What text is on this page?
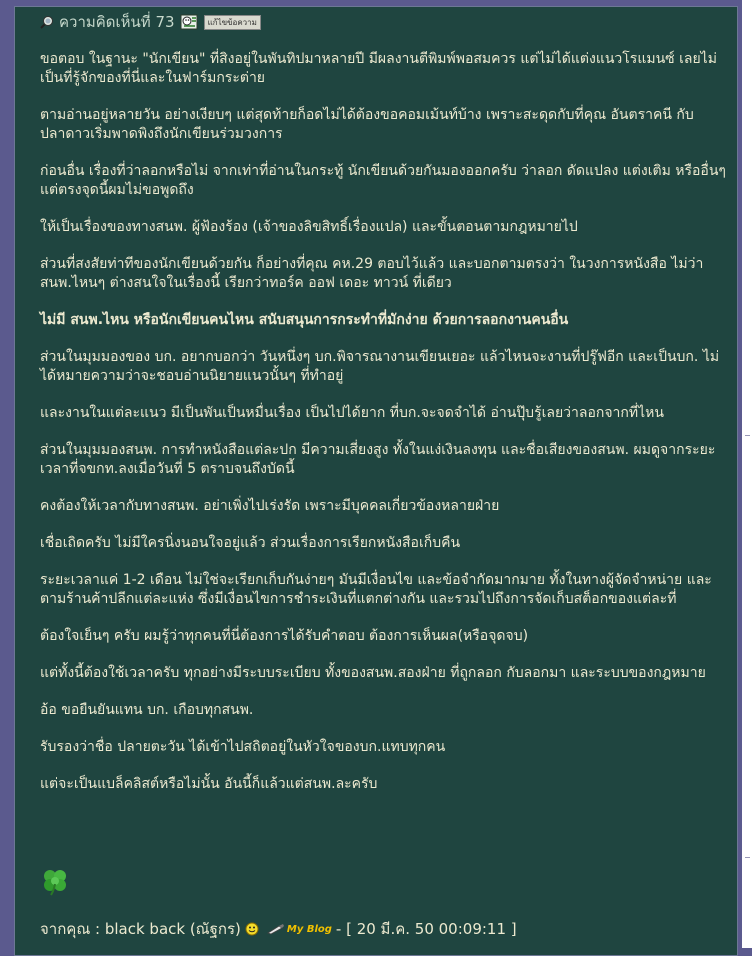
ความคิดเห็นที่ 73	แก้ไขข้อความ

ขอตอบ ในฐานะ "นักเขียน" ที่สิงอยู่ในพันทิปมาหลายปี มีผลงานตีพิมพ์พอสมควร แต่ไม่ได้แต่งแนวโรแมนซ์ เลยไม่เป็นที่รู้จักของที่นี่และในฟาร์มกระต่าย

ตามอ่านอยู่หลายวัน อย่างเงียบๆ แต่สุดท้ายก็อดไม่ได้ต้องขอคอมเม้นท์บ้าง เพราะสะดุดกับที่คุณ อันตราคนี กับปลาดาวเริ่มพาดพิงถึงนักเขียนร่วมวงการ

ก่อนอื่น เรื่องที่ว่าลอกหรือไม่ จากเท่าที่อ่านในกระทู้ นักเขียนด้วยกันมองออกครับ ว่าลอก ดัดแปลง แต่งเติม หรืออื่นๆ แต่ตรงจุดนี้ผมไม่ขอพูดถึง

ให้เป็นเรื่องของทางสนพ. ผู้ฟ้องร้อง (เจ้าของลิขสิทธิ์เรื่องแปล) และขั้นตอนตามกฎหมายไป

ส่วนที่สงสัยท่าทีของนักเขียนด้วยกัน ก็อย่างที่คุณ คห.29 ตอบไว้แล้ว และบอกตามตรงว่า ในวงการหนังสือ ไม่ว่าสนพ.ไหนๆ ต่างสนใจในเรื่องนี้ เรียกว่าทอร์ค ออฟ เดอะ ทาวน์ ที่เดียว

ไม่มี สนพ.ไหน หรือนักเขียนคนไหน สนับสนุนการกระทำที่มักง่าย ด้วยการลอกงานคนอื่น

ส่วนในมุมมองของ บก. อยากบอกว่า วันหนึ่งๆ บก.พิจารณางานเขียนเยอะ แล้วไหนจะงานที่ปรู๊ฟอีก และเป็นบก. ไม่ได้หมายความว่าจะชอบอ่านนิยายแนวนั้นๆ ที่ทำอยู่

และงานในแต่ละแนว มีเป็นพันเป็นหมื่นเรื่อง เป็นไปได้ยาก ที่บก.จะจดจำได้ อ่านปุ๊บรู้เลยว่าลอกจากที่ไหน

ส่วนในมุมมองสนพ. การทำหนังสือแต่ละปก มีความเสี่ยงสูง ทั้งในแง่เงินลงทุน และชื่อเสียงของสนพ. ผมดูจากระยะเวลาที่จขกท.ลงเมื่อวันที่ 5 ตราบจนถึงบัดนี้

คงต้องให้เวลากับทางสนพ. อย่าเพิ่งไปเร่งรัด เพราะมีบุคคลเกี่ยวข้องหลายฝ่าย

เชื่อเถิดครับ ไม่มีใครนิ่งนอนใจอยู่แล้ว ส่วนเรื่องการเรียกหนังสือเก็บคืน

ระยะเวลาแค่ 1-2 เดือน ไม่ใช่จะเรียกเก็บกันง่ายๆ มันมีเงื่อนไข และข้อจำกัดมากมาย ทั้งในทางผู้จัดจำหน่าย และตามร้านค้าปลีกแต่ละแห่ง ซึ่งมีเงื่อนไขการชำระเงินที่แตกต่างกัน และรวมไปถึงการจัดเก็บสต็อกของแต่ละที่

ต้องใจเย็นๆ ครับ ผมรู้ว่าทุกคนที่นี่ต้องการได้รับคำตอบ ต้องการเห็นผล(หรือจุดจบ)

แต่ทั้งนี้ต้องใช้เวลาครับ ทุกอย่างมีระบบระเบียบ ทั้งของสนพ.สองฝ่าย ที่ถูกลอก กับลอกมา และระบบของกฎหมาย

อ้อ ขอยืนยันแทน บก. เกือบทุกสนพ.

รับรองว่าชื่อ ปลายตะวัน ได้เข้าไปสถิตอยู่ในหัวใจของบก.แทบทุกคน

แต่จะเป็นแบล็คลิสต์หรือไม่นั้น อันนี้ก็แล้วแต่สนพ.ละครับ

จากคุณ : black back (ณัฐกร)	My Blog - [ 20 มี.ค. 50 00:09:11 ]
